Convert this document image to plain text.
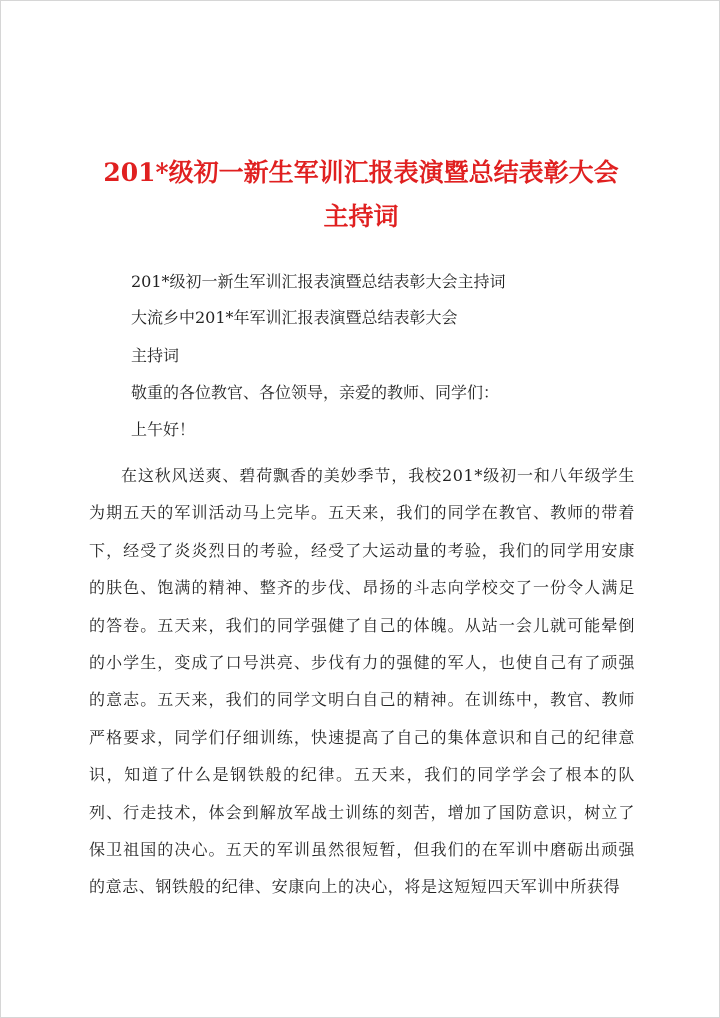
201*级初一新生军训汇报表演暨总结表彰大会
主持词

201*级初一新生军训汇报表演暨总结表彰大会主持词

大流乡中201*年军训汇报表演暨总结表彰大会

主持词

敬重的各位教官、各位领导，亲爱的教师、同学们：

上午好！

在这秋风送爽、碧荷飘香的美妙季节，我校201*级初一和八年级学生为期五天的军训活动马上完毕。五天来，我们的同学在教官、教师的带着下，经受了炎炎烈日的考验，经受了大运动量的考验，我们的同学用安康的肤色、饱满的精神、整齐的步伐、昂扬的斗志向学校交了一份令人满足的答卷。五天来，我们的同学强健了自己的体魄。从站一会儿就可能晕倒的小学生，变成了口号洪亮、步伐有力的强健的军人，也使自己有了顽强的意志。五天来，我们的同学文明白自己的精神。在训练中，教官、教师严格要求，同学们仔细训练，快速提高了自己的集体意识和自己的纪律意识，知道了什么是钢铁般的纪律。五天来，我们的同学学会了根本的队列、行走技术，体会到解放军战士训练的刻苦，增加了国防意识，树立了保卫祖国的决心。五天的军训虽然很短暂，但我们的在军训中磨砺出顽强的意志、钢铁般的纪律、安康向上的决心，将是这短短四天军训中所获得
